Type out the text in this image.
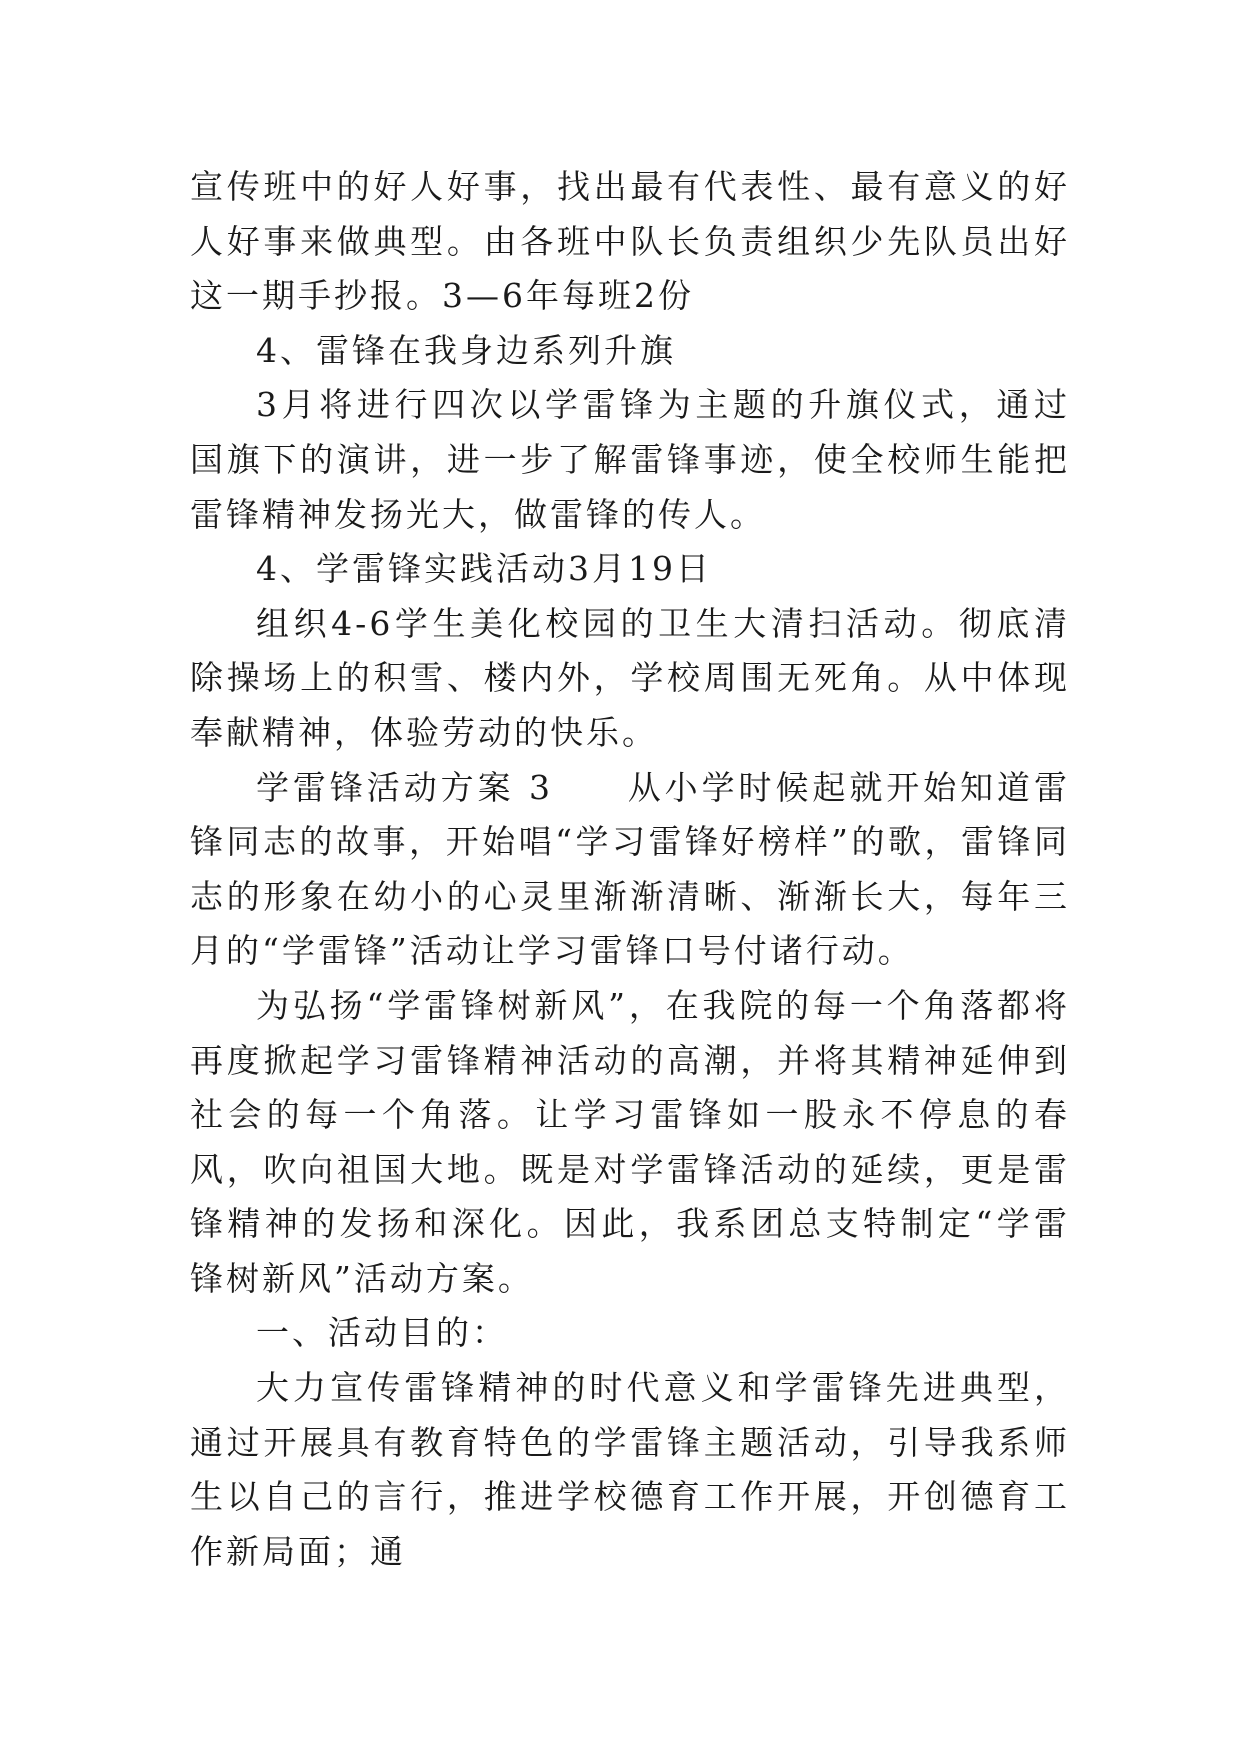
宣传班中的好人好事，找出最有代表性、最有意义的好人好事来做典型。由各班中队长负责组织少先队员出好这一期手抄报。3—6年每班2份

4、雷锋在我身边系列升旗

3月将进行四次以学雷锋为主题的升旗仪式，通过国旗下的演讲，进一步了解雷锋事迹，使全校师生能把雷锋精神发扬光大，做雷锋的传人。

4、学雷锋实践活动3月19日

组织4-6学生美化校园的卫生大清扫活动。彻底清除操场上的积雪、楼内外，学校周围无死角。从中体现奉献精神，体验劳动的快乐。

学雷锋活动方案 3　　从小学时候起就开始知道雷锋同志的故事，开始唱“学习雷锋好榜样”的歌，雷锋同志的形象在幼小的心灵里渐渐清晰、渐渐长大，每年三月的“学雷锋”活动让学习雷锋口号付诸行动。

为弘扬“学雷锋树新风”，在我院的每一个角落都将再度掀起学习雷锋精神活动的高潮，并将其精神延伸到社会的每一个角落。让学习雷锋如一股永不停息的春风，吹向祖国大地。既是对学雷锋活动的延续，更是雷锋精神的发扬和深化。因此，我系团总支特制定“学雷锋树新风”活动方案。

一、活动目的：

大力宣传雷锋精神的时代意义和学雷锋先进典型，通过开展具有教育特色的学雷锋主题活动，引导我系师生以自己的言行，推进学校德育工作开展，开创德育工作新局面；通
